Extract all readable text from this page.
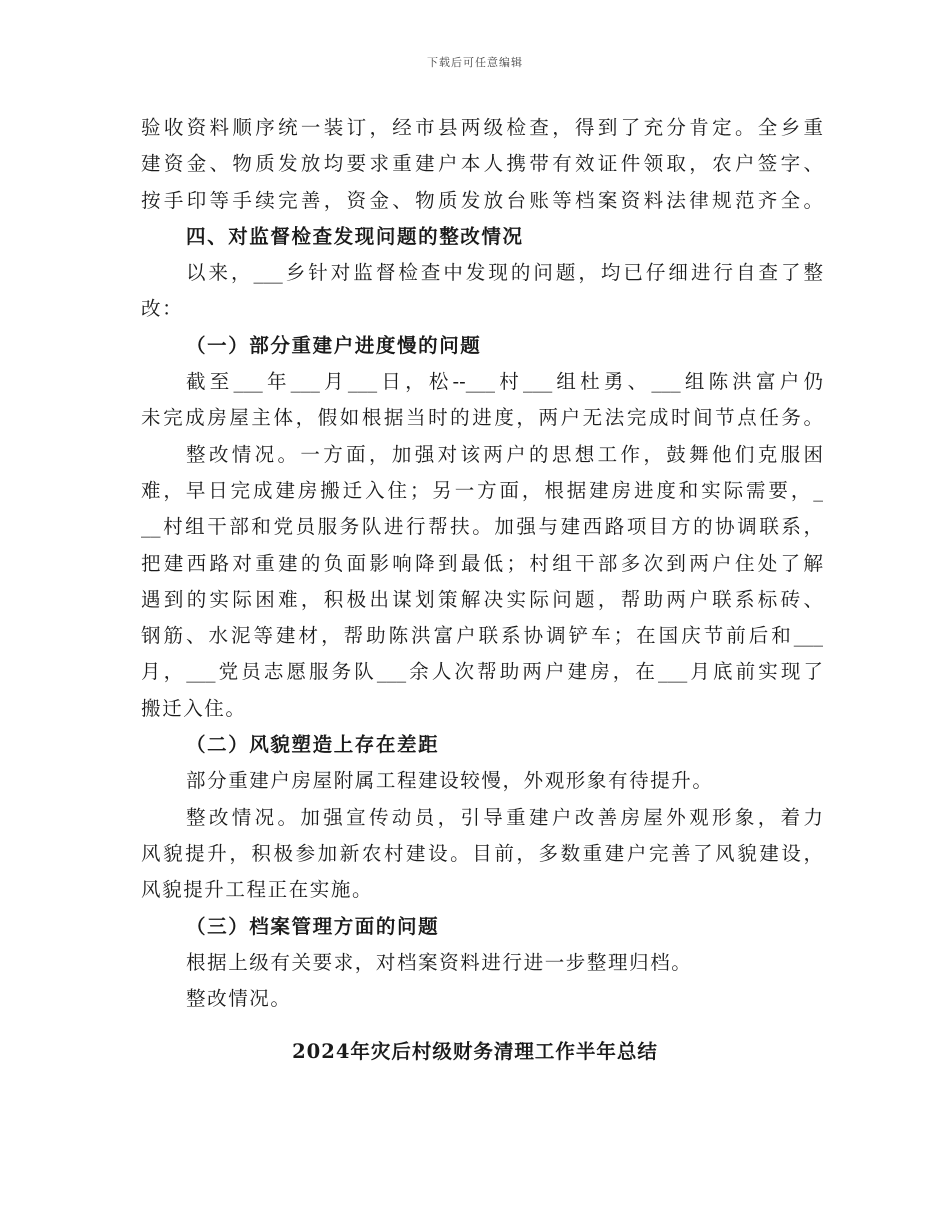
下载后可任意编辑
验收资料顺序统一装订，经市县两级检查，得到了充分肯定。全乡重
建资金、物质发放均要求重建户本人携带有效证件领取，农户签字、
按手印等手续完善，资金、物质发放台账等档案资料法律规范齐全。
四、对监督检查发现问题的整改情况
以来，___乡针对监督检查中发现的问题，均已仔细进行自查了整
改：
（一）部分重建户进度慢的问题
截至___年___月___日，松--___村___组杜勇、___组陈洪富户仍
未完成房屋主体，假如根据当时的进度，两户无法完成时间节点任务。
整改情况。一方面，加强对该两户的思想工作，鼓舞他们克服困
难，早日完成建房搬迁入住；另一方面，根据建房进度和实际需要，_
__村组干部和党员服务队进行帮扶。加强与建西路项目方的协调联系，
把建西路对重建的负面影响降到最低；村组干部多次到两户住处了解
遇到的实际困难，积极出谋划策解决实际问题，帮助两户联系标砖、
钢筋、水泥等建材，帮助陈洪富户联系协调铲车；在国庆节前后和___
月，___党员志愿服务队___余人次帮助两户建房，在___月底前实现了
搬迁入住。
（二）风貌塑造上存在差距
部分重建户房屋附属工程建设较慢，外观形象有待提升。
整改情况。加强宣传动员，引导重建户改善房屋外观形象，着力
风貌提升，积极参加新农村建设。目前，多数重建户完善了风貌建设，
风貌提升工程正在实施。
（三）档案管理方面的问题
根据上级有关要求，对档案资料进行进一步整理归档。
整改情况。
2024年灾后村级财务清理工作半年总结
